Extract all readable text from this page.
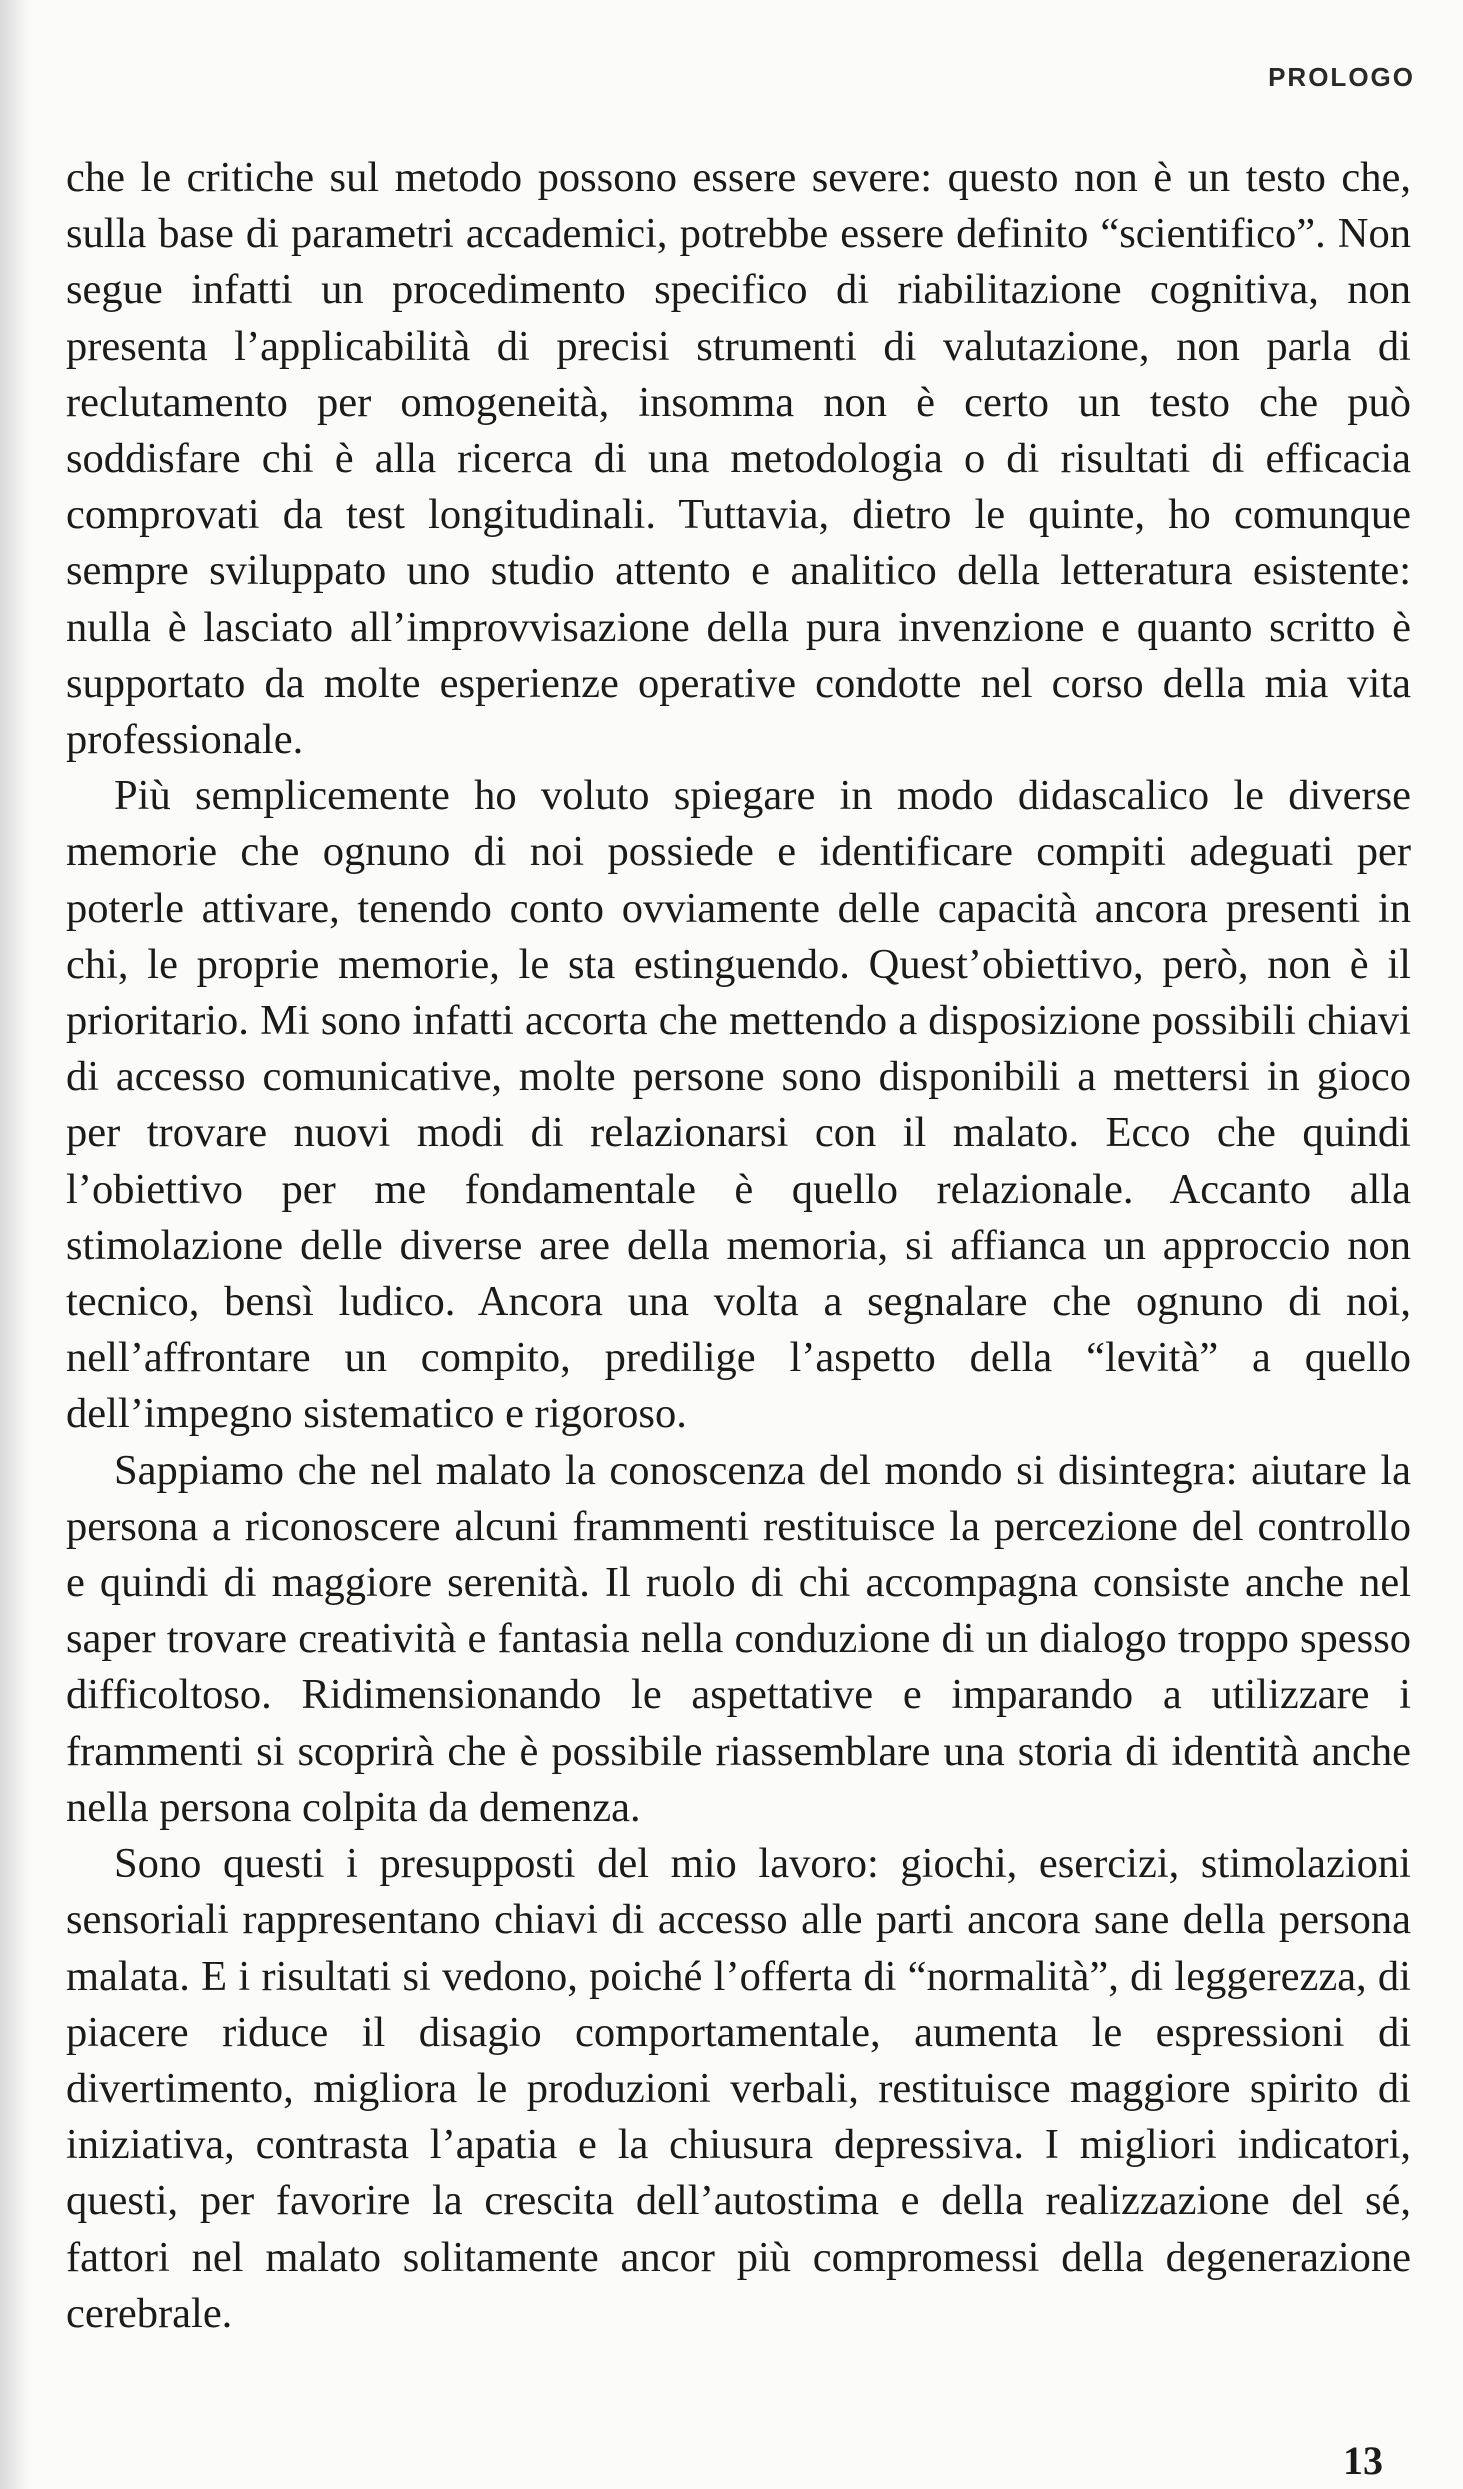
PROLOGO

che le critiche sul metodo possono essere severe: questo non è un testo che, sulla base di parametri accademici, potrebbe essere definito “scientifico”. Non segue infatti un procedimento specifico di riabilitazione cognitiva, non presenta l’applicabilità di precisi strumenti di valutazione, non parla di reclutamento per omogeneità, insomma non è certo un testo che può soddisfare chi è alla ricerca di una metodologia o di risultati di efficacia comprovati da test longitudinali. Tuttavia, dietro le quinte, ho comunque sempre sviluppato uno studio attento e analitico della letteratura esistente: nulla è lasciato all’improvvisazione della pura invenzione e quanto scritto è supportato da molte esperienze operative condotte nel corso della mia vita professionale.

Più semplicemente ho voluto spiegare in modo didascalico le diverse memorie che ognuno di noi possiede e identificare compiti adeguati per poterle attivare, tenendo conto ovviamente delle capacità ancora presenti in chi, le proprie memorie, le sta estinguendo. Quest’obiettivo, però, non è il prioritario. Mi sono infatti accorta che mettendo a disposizione possibili chiavi di accesso comunicative, molte persone sono disponibili a mettersi in gioco per trovare nuovi modi di relazionarsi con il malato. Ecco che quindi l’obiettivo per me fondamentale è quello relazionale. Accanto alla stimolazione delle diverse aree della memoria, si affianca un approccio non tecnico, bensì ludico. Ancora una volta a segnalare che ognuno di noi, nell’affrontare un compito, predilige l’aspetto della “levità” a quello dell’impegno sistematico e rigoroso.

Sappiamo che nel malato la conoscenza del mondo si disintegra: aiutare la persona a riconoscere alcuni frammenti restituisce la percezione del controllo e quindi di maggiore serenità. Il ruolo di chi accompagna consiste anche nel saper trovare creatività e fantasia nella conduzione di un dialogo troppo spesso difficoltoso. Ridimensionando le aspettative e imparando a utilizzare i frammenti si scoprirà che è possibile riassemblare una storia di identità anche nella persona colpita da demenza.

Sono questi i presupposti del mio lavoro: giochi, esercizi, stimolazioni sensoriali rappresentano chiavi di accesso alle parti ancora sane della persona malata. E i risultati si vedono, poiché l’offerta di “normalità”, di leggerezza, di piacere riduce il disagio comportamentale, aumenta le espressioni di divertimento, migliora le produzioni verbali, restituisce maggiore spirito di iniziativa, contrasta l’apatia e la chiusura depressiva. I migliori indicatori, questi, per favorire la crescita dell’autostima e della realizzazione del sé, fattori nel malato solitamente ancor più compromessi della degenerazione cerebrale.

13
